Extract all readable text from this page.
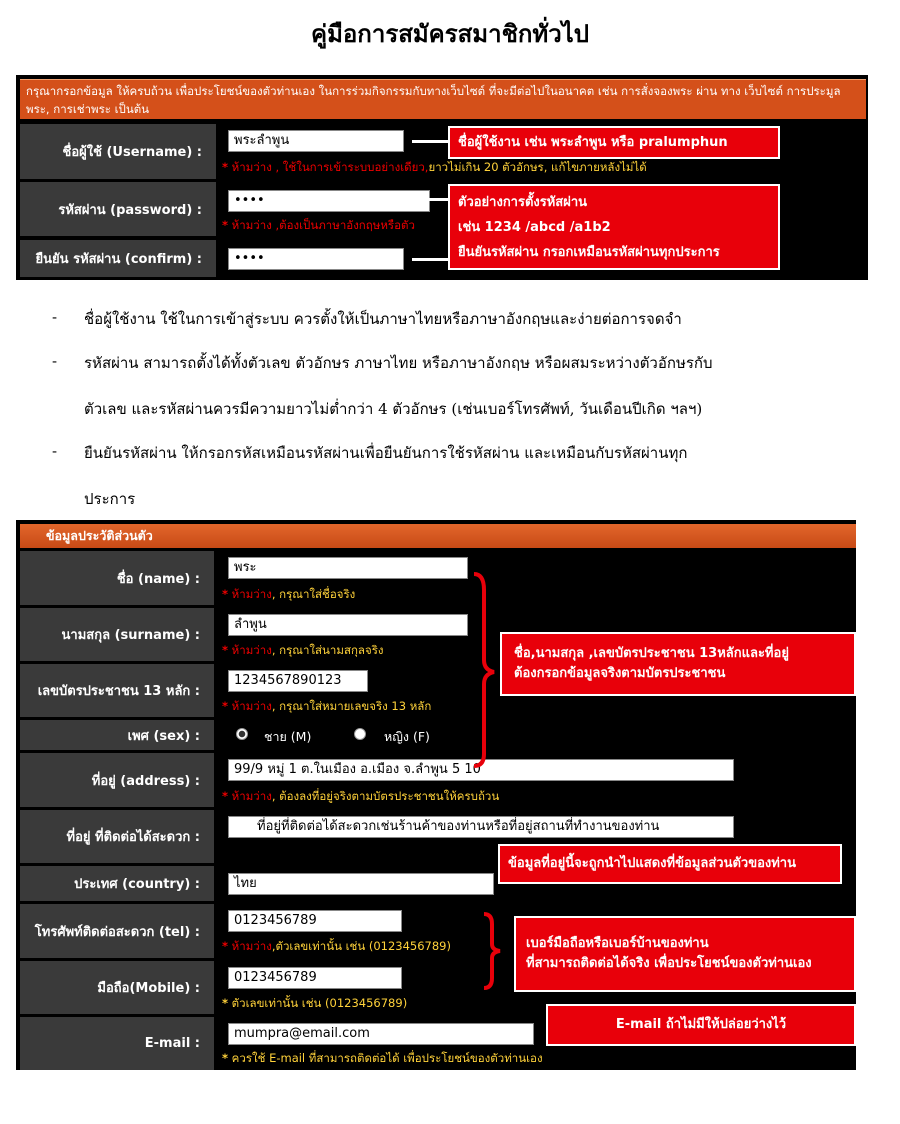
คู่มือการสมัครสมาชิกทั่วไป
กรุณากรอกข้อมูล ให้ครบถ้วน เพื่อประโยชน์ของตัวท่านเอง ในการร่วมกิจกรรมกับทางเว็บไซต์ ที่จะมีต่อไปในอนาคต เช่น การสั่งจองพระ ผ่าน ทาง เว็บไซต์ การประมูลพระ, การเช่าพระ เป็นต้น
ชื่อผู้ใช้ (Username) :
พระลำพูน
* ห้ามว่าง , ใช้ในการเข้าระบบอย่างเดียว,ยาวไม่เกิน 20 ตัวอักษร, แก้ไขภายหลังไม่ได้
รหัสผ่าน (password) :
••••
* ห้ามว่าง ,ต้องเป็นภาษาอังกฤษหรือตัว
ยืนยัน รหัสผ่าน (confirm) :	••••
ชื่อผู้ใช้งาน เช่น พระลำพูน หรือ pralumphun
ตัวอย่างการตั้งรหัสผ่าน
เช่น 1234 /abcd /a1b2
ยืนยันรหัสผ่าน กรอกเหมือนรหัสผ่านทุกประการ
- ชื่อผู้ใช้งาน ใช้ในการเข้าสู่ระบบ ควรตั้งให้เป็นภาษาไทยหรือภาษาอังกฤษและง่ายต่อการจดจำ
- รหัสผ่าน สามารถตั้งได้ทั้งตัวเลข ตัวอักษร ภาษาไทย หรือภาษาอังกฤษ หรือผสมระหว่างตัวอักษรกับ
ตัวเลข และรหัสผ่านควรมีความยาวไม่ต่ำกว่า 4 ตัวอักษร (เช่นเบอร์โทรศัพท์, วันเดือนปีเกิด ฯลฯ)
- ยืนยันรหัสผ่าน ให้กรอกรหัสเหมือนรหัสผ่านเพื่อยืนยันการใช้รหัสผ่าน และเหมือนกับรหัสผ่านทุก
ประการ
ข้อมูลประวัติส่วนตัว
ชื่อ (name) :
พระ
* ห้ามว่าง, กรุณาใส่ชื่อจริง
นามสกุล (surname) :
ลำพูน
* ห้ามว่าง, กรุณาใส่นามสกุลจริง
เลขบัตรประชาชน 13 หลัก :
1234567890123
* ห้ามว่าง, กรุณาใส่หมายเลขจริง 13 หลัก
เพศ (sex) :	ชาย (M)	หญิง (F)
ที่อยู่ (address) :
99/9 หมู่ 1 ต.ในเมือง อ.เมือง จ.ลำพูน 5 10
* ห้ามว่าง, ต้องลงที่อยู่จริงตามบัตรประชาชนให้ครบถ้วน
ที่อยู่ ที่ติดต่อได้สะดวก :
ที่อยู่ที่ติดต่อได้สะดวกเช่นร้านค้าของท่านหรือที่อยู่สถานที่ทำงานของท่าน
, ที่อยู่ที่ติดต่อได้สะดวก เช่นที่ทำงาน หรือร้านค้
ประเทศ (country) :	ไทย
โทรศัพท์ติดต่อสะดวก (tel) :
0123456789
* ห้ามว่าง,ตัวเลขเท่านั้น เช่น (0123456789)
มือถือ(Mobile) :
0123456789
* ตัวเลขเท่านั้น เช่น (0123456789)
E-mail :
mumpra@email.com
* ควรใช้ E-mail ที่สามารถติดต่อได้ เพื่อประโยชน์ของตัวท่านเอง
ชื่อ,นามสกุล ,เลขบัตรประชาชน 13หลักและที่อยู่
ต้องกรอกข้อมูลจริงตามบัตรประชาชน
ข้อมูลที่อยู่นี้จะถูกนำไปแสดงที่ข้อมูลส่วนตัวของท่าน
เบอร์มือถือหรือเบอร์บ้านของท่าน
ที่สามารถติดต่อได้จริง เพื่อประโยชน์ของตัวท่านเอง
E-mail ถ้าไม่มีให้ปล่อยว่างไว้
